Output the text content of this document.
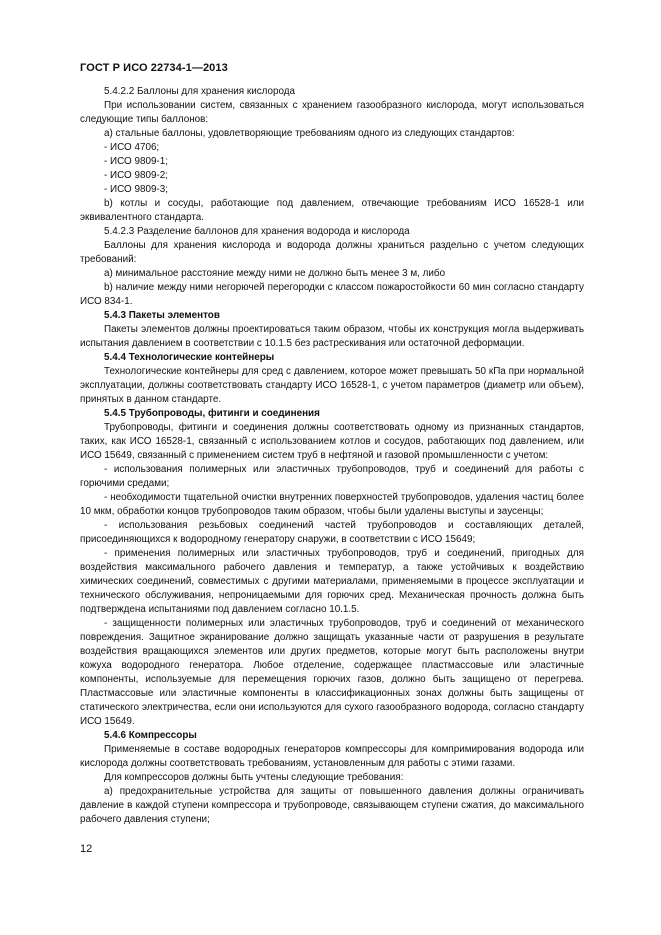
ГОСТ Р ИСО 22734-1—2013

5.4.2.2 Баллоны для хранения кислорода

При использовании систем, связанных с хранением газообразного кислорода, могут использоваться следующие типы баллонов:

a) стальные баллоны, удовлетворяющие требованиям одного из следующих стандартов:

- ИСО 4706;

- ИСО 9809-1;

- ИСО 9809-2;

- ИСО 9809-3;

b) котлы и сосуды, работающие под давлением, отвечающие требованиям ИСО 16528-1 или эквивалентного стандарта.

5.4.2.3 Разделение баллонов для хранения водорода и кислорода

Баллоны для хранения кислорода и водорода должны храниться раздельно с учетом следующих требований:

a) минимальное расстояние между ними не должно быть менее 3 м, либо

b) наличие между ними негорючей перегородки с классом пожаростойкости 60 мин согласно стандарту ИСО 834-1.

5.4.3 Пакеты элементов

Пакеты элементов должны проектироваться таким образом, чтобы их конструкция могла выдерживать испытания давлением в соответствии с 10.1.5 без растрескивания или остаточной деформации.

5.4.4 Технологические контейнеры

Технологические контейнеры для сред с давлением, которое может превышать 50 кПа при нормальной эксплуатации, должны соответствовать стандарту ИСО 16528-1, с учетом параметров (диаметр или объем), принятых в данном стандарте.

5.4.5 Трубопроводы, фитинги и соединения

Трубопроводы, фитинги и соединения должны соответствовать одному из признанных стандартов, таких, как ИСО 16528-1, связанный с использованием котлов и сосудов, работающих под давлением, или ИСО 15649, связанный с применением систем труб в нефтяной и газовой промышленности с учетом:

- использования полимерных или эластичных трубопроводов, труб и соединений для работы с горючими средами;

- необходимости тщательной очистки внутренних поверхностей трубопроводов, удаления частиц более 10 мкм, обработки концов трубопроводов таким образом, чтобы были удалены выступы и заусенцы;

- использования резьбовых соединений частей трубопроводов и составляющих деталей, присоединяющихся к водородному генератору снаружи, в соответствии с ИСО 15649;

- применения полимерных или эластичных трубопроводов, труб и соединений, пригодных для воздействия максимального рабочего давления и температур, а также устойчивых к воздействию химических соединений, совместимых с другими материалами, применяемыми в процессе эксплуатации и технического обслуживания, непроницаемыми для горючих сред. Механическая прочность должна быть подтверждена испытаниями под давлением согласно 10.1.5.

- защищенности полимерных или эластичных трубопроводов, труб и соединений от механического повреждения. Защитное экранирование должно защищать указанные части от разрушения в результате воздействия вращающихся элементов или других предметов, которые могут быть расположены внутри кожуха водородного генератора. Любое отделение, содержащее пластмассовые или эластичные компоненты, используемые для перемещения горючих газов, должно быть защищено от перегрева. Пластмассовые или эластичные компоненты в классификационных зонах должны быть защищены от статического электричества, если они используются для сухого газообразного водорода, согласно стандарту ИСО 15649.

5.4.6 Компрессоры

Применяемые в составе водородных генераторов компрессоры для компримирования водорода или кислорода должны соответствовать требованиям, установленным для работы с этими газами.

Для компрессоров должны быть учтены следующие требования:

a) предохранительные устройства для защиты от повышенного давления должны ограничивать давление в каждой ступени компрессора и трубопроводе, связывающем ступени сжатия, до максимального рабочего давления ступени;

12
